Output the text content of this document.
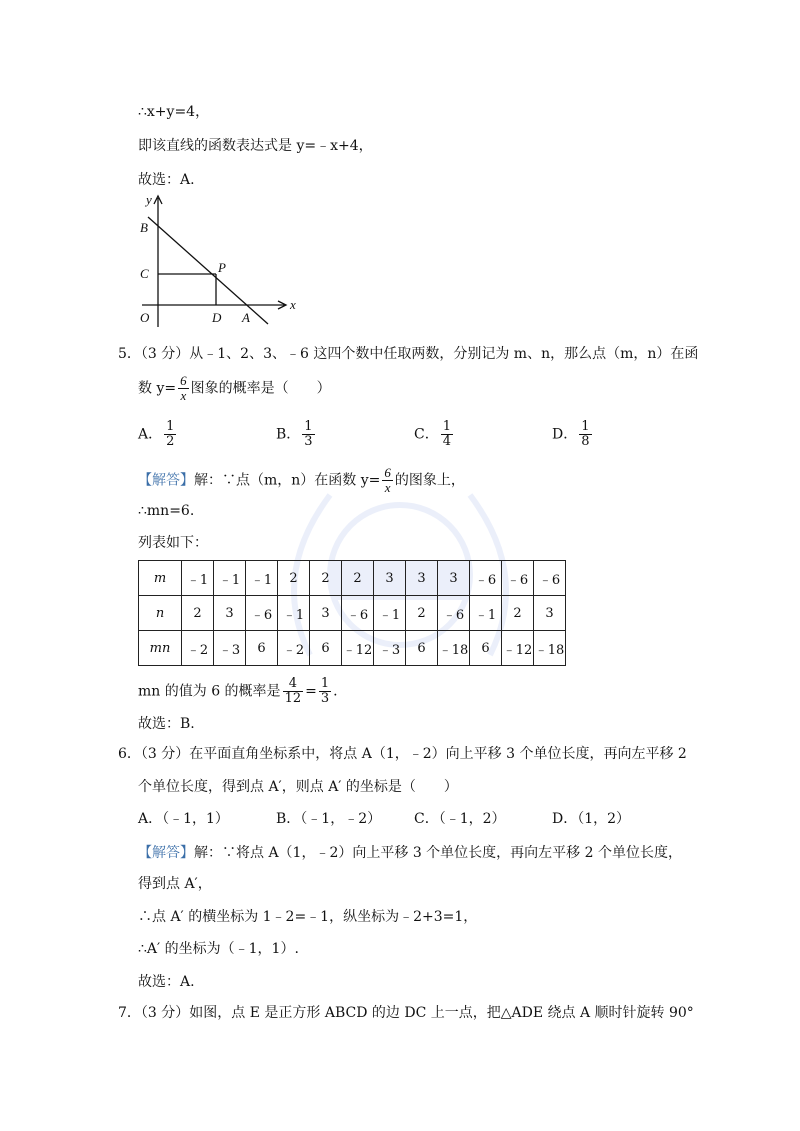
∴x+y=4，
即该直线的函数表达式是 y=﹣x+4，
故选：A.
y
x
B
C	P
O	D A
5．（3 分）从﹣1、2、3、﹣6 这四个数中任取两数，分别记为 m、n，那么点（m，n）在函
数 $y= \frac{6}{x}$ 图象的概率是（　　）
A． $\frac{1}{2}$	B． $\frac{1}{3}$	C． $\frac{1}{4}$	D． $\frac{1}{8}$
【解答】解：∵点（m，n）在函数 $y= \frac{6}{x}$ 的图象上，
∴mn=6.
列表如下：
m	﹣1	﹣1	﹣1	2	2	2	3	3	3	﹣6	﹣6	﹣6
n	2	3	﹣6	﹣1	3	﹣6	﹣1	2	﹣6	﹣1	2	3
mn	﹣2	﹣3	6	﹣2	6	﹣12	﹣3	6	﹣18	6	﹣12	﹣18
mn 的值为 6 的概率是 $\frac{4}{12} = \frac{1}{3}$ .
故选：B.
6．（3 分）在平面直角坐标系中，将点 A（1，﹣2）向上平移 3 个单位长度，再向左平移 2
个单位长度，得到点 A′，则点 A′ 的坐标是（　　）
A．（﹣1，1）	B．（﹣1，﹣2） C．（﹣1，2）	D．（1，2）
【解答】解：∵将点 A（1，﹣2）向上平移 3 个单位长度，再向左平移 2 个单位长度，
得到点 A′，
∴点 A′ 的横坐标为 1﹣2=﹣1，纵坐标为﹣2+3=1，
∴A′ 的坐标为（﹣1，1）.
故选：A.
7．（3 分）如图，点 E 是正方形 ABCD 的边 DC 上一点，把△ADE 绕点 A 顺时针旋转 90°
